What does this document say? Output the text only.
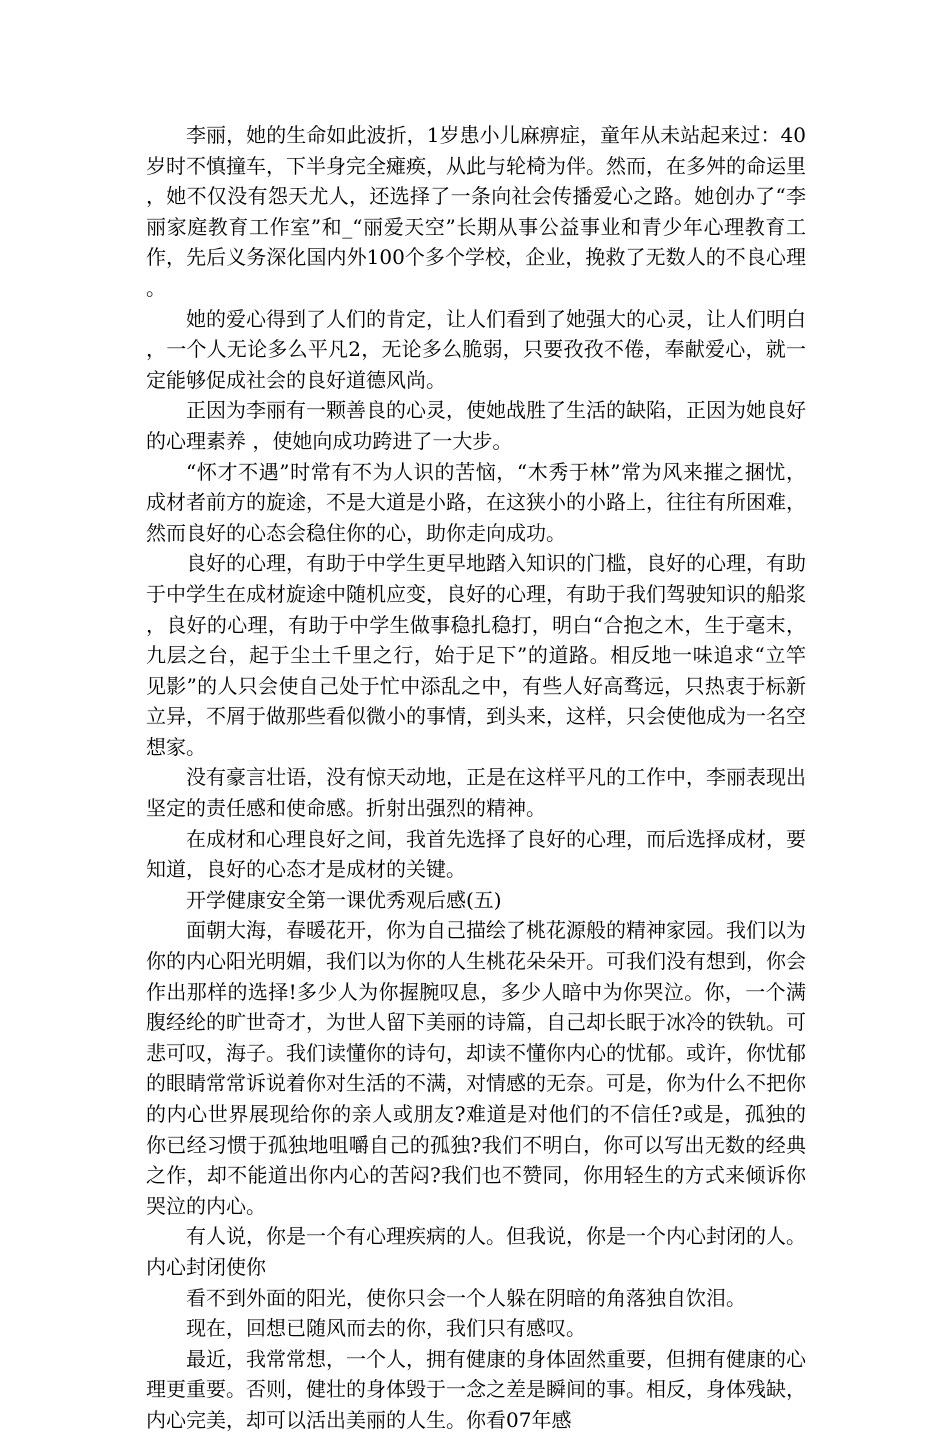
李丽，她的生命如此波折，1岁患小儿麻痹症，童年从未站起来过：40岁时不慎撞车，下半身完全瘫痪，从此与轮椅为伴。然而，在多舛的命运里，她不仅没有怨天尤人，还选择了一条向社会传播爱心之路。她创办了“李丽家庭教育工作室”和_“丽爱天空”长期从事公益事业和青少年心理教育工作，先后义务深化国内外100个多个学校，企业，挽救了无数人的不良心理。

她的爱心得到了人们的肯定，让人们看到了她强大的心灵，让人们明白，一个人无论多么平凡2，无论多么脆弱，只要孜孜不倦，奉献爱心，就一定能够促成社会的良好道德风尚。

正因为李丽有一颗善良的心灵，使她战胜了生活的缺陷，正因为她良好的心理素养 ，使她向成功跨进了一大步。

“怀才不遇”时常有不为人识的苦恼，“木秀于林”常为风来摧之捆忧，成材者前方的旋途，不是大道是小路，在这狭小的小路上，往往有所困难，然而良好的心态会稳住你的心，助你走向成功。

良好的心理，有助于中学生更早地踏入知识的门槛，良好的心理，有助于中学生在成材旋途中随机应变，良好的心理，有助于我们驾驶知识的船浆，良好的心理，有助于中学生做事稳扎稳打，明白“合抱之木，生于毫末，九层之台，起于尘土千里之行，始于足下”的道路。相反地一味追求“立竿见影”的人只会使自己处于忙中添乱之中，有些人好高骛远，只热衷于标新立异，不屑于做那些看似微小的事情，到头来，这样，只会使他成为一名空想家。

没有豪言壮语，没有惊天动地，正是在这样平凡的工作中，李丽表现出坚定的责任感和使命感。折射出强烈的精神。

在成材和心理良好之间，我首先选择了良好的心理，而后选择成材，要知道，良好的心态才是成材的关键。

开学健康安全第一课优秀观后感(五)

面朝大海，春暖花开，你为自己描绘了桃花源般的精神家园。我们以为你的内心阳光明媚，我们以为你的人生桃花朵朵开。可我们没有想到，你会作出那样的选择!多少人为你握腕叹息，多少人暗中为你哭泣。你，一个满腹经纶的旷世奇才，为世人留下美丽的诗篇，自己却长眠于冰冷的铁轨。可悲可叹，海子。我们读懂你的诗句，却读不懂你内心的忧郁。或许，你忧郁的眼睛常常诉说着你对生活的不满，对情感的无奈。可是，你为什么不把你的内心世界展现给你的亲人或朋友?难道是对他们的不信任?或是，孤独的你已经习惯于孤独地咀嚼自己的孤独?我们不明白，你可以写出无数的经典之作，却不能道出你内心的苦闷?我们也不赞同，你用轻生的方式来倾诉你哭泣的内心。

有人说，你是一个有心理疾病的人。但我说，你是一个内心封闭的人。内心封闭使你

看不到外面的阳光，使你只会一个人躲在阴暗的角落独自饮泪。

现在，回想已随风而去的你，我们只有感叹。

最近，我常常想，一个人，拥有健康的身体固然重要，但拥有健康的心理更重要。否则，健壮的身体毁于一念之差是瞬间的事。相反，身体残缺，内心完美，却可以活出美丽的人生。你看07年感
